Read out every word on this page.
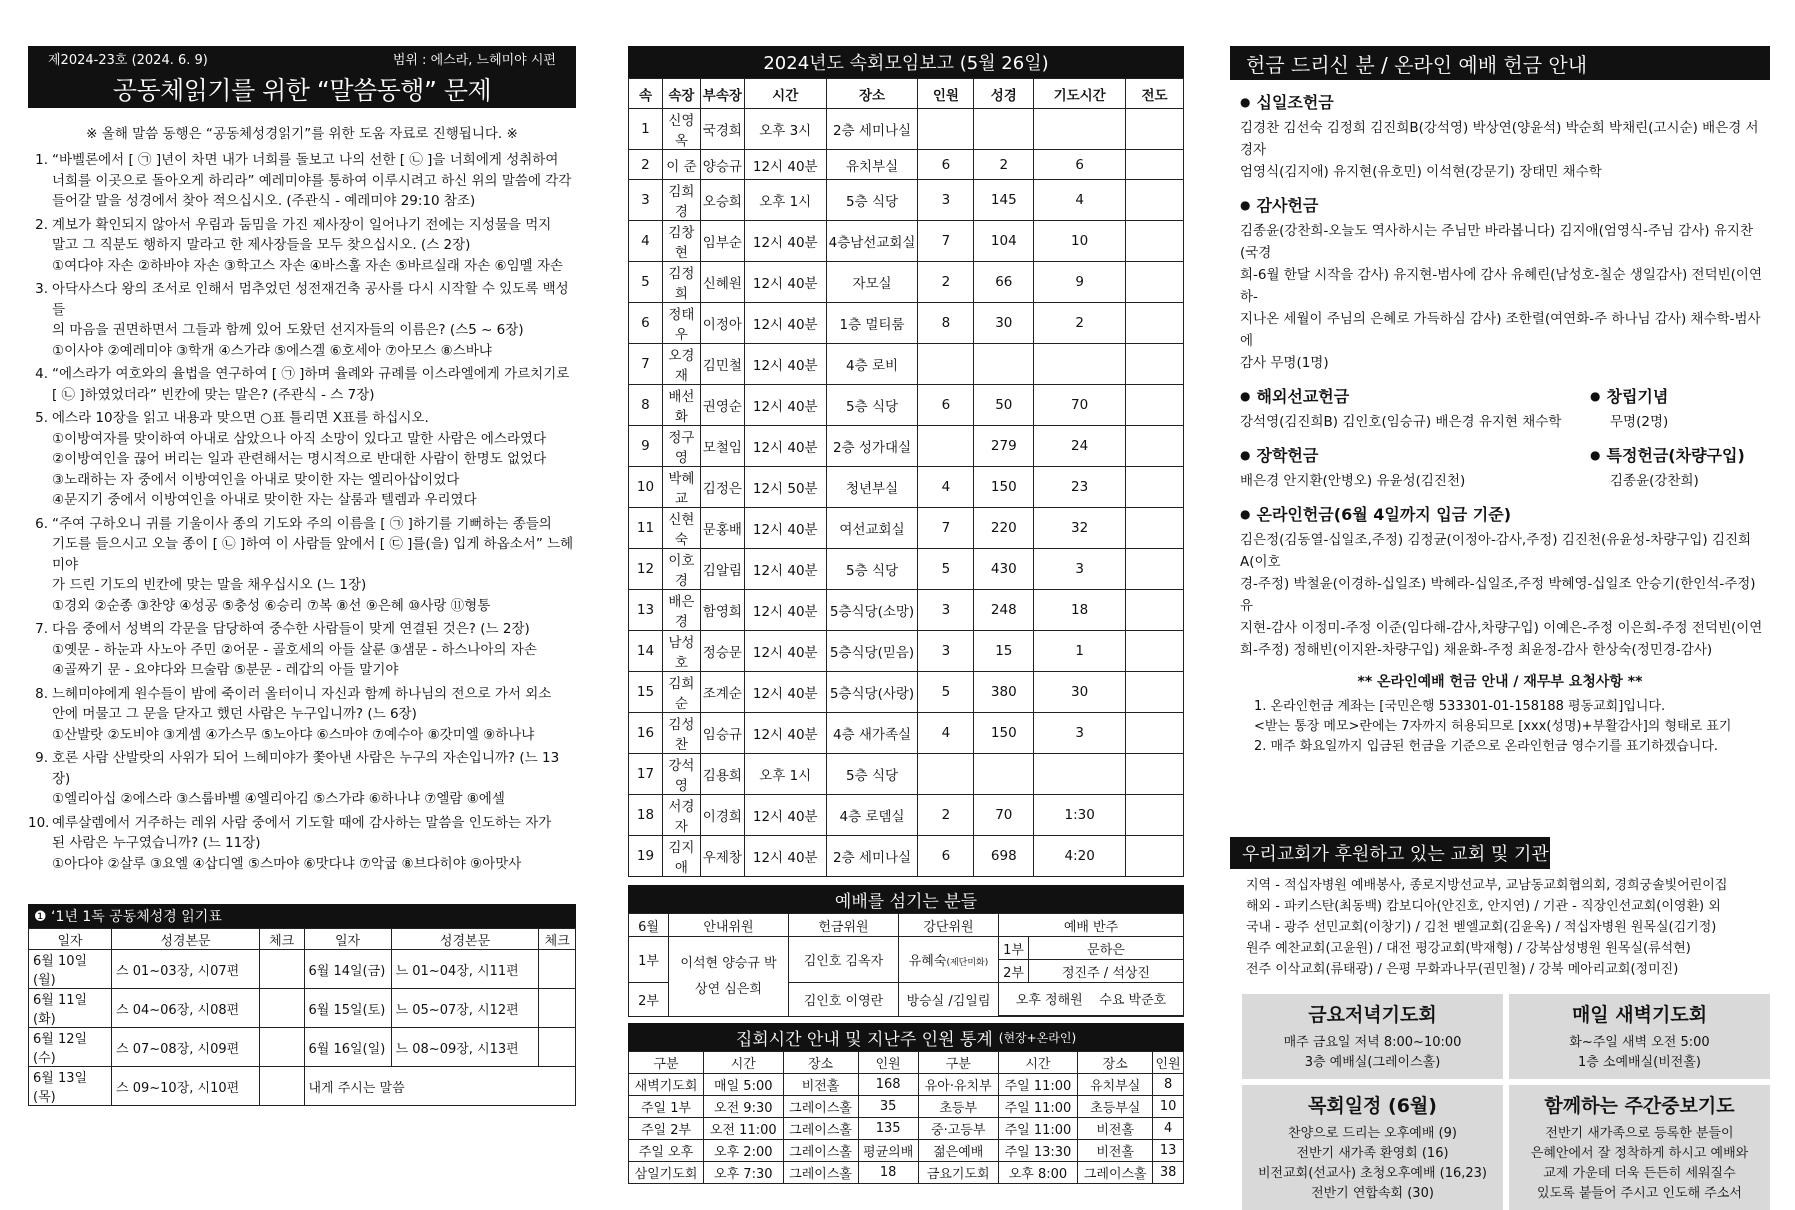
제2024-23호 (2024. 6. 9)	범위 : 에스라, 느헤미야 시편
공동체읽기를 위한 “말씀동행” 문제
※ 올해 말씀 동행은 “공동체성경읽기”를 위한 도움 자료로 진행됩니다. ※
1. “바벨론에서 [ ㉠ ]년이 차면 내가 너희를 돌보고 나의 선한 [ ㉡ ]을 너희에게 성취하여
너희를 이곳으로 돌아오게 하리라” 예레미야를 통하여 이루시려고 하신 위의 말씀에 각각
들어갈 말을 성경에서 찾아 적으십시오. (주관식 - 예레미야 29:10 참조)
2. 계보가 확인되지 않아서 우림과 둠밈을 가진 제사장이 일어나기 전에는 지성물을 먹지
말고 그 직분도 행하지 말라고 한 제사장들을 모두 찾으십시오. (스 2장)
①여다야 자손 ②하바야 자손 ③학고스 자손 ④바스훌 자손 ⑤바르실래 자손 ⑥임멜 자손
3. 아닥사스다 왕의 조서로 인해서 멈추었던 성전재건축 공사를 다시 시작할 수 있도록 백성들
의 마음을 권면하면서 그들과 함께 있어 도왔던 선지자들의 이름은? (스5 ~ 6장)
①이사야 ②예레미야 ③학개 ④스가랴 ⑤에스겔 ⑥호세아 ⑦아모스 ⑧스바냐
4. “에스라가 여호와의 율법을 연구하여 [ ㉠ ]하며 율례와 규례를 이스라엘에게 가르치기로
[ ㉡ ]하였었더라” 빈칸에 맞는 말은? (주관식 - 스 7장)
5. 에스라 10장을 읽고 내용과 맞으면 ○표 틀리면 X표를 하십시오.
①이방여자를 맞이하여 아내로 삼았으나 아직 소망이 있다고 말한 사람은 에스라였다
②이방여인을 끊어 버리는 일과 관련해서는 명시적으로 반대한 사람이 한명도 없었다
③노래하는 자 중에서 이방여인을 아내로 맞이한 자는 엘리아삽이었다
④문지기 중에서 이방여인을 아내로 맞이한 자는 살룸과 텔렘과 우리였다
6. “주여 구하오니 귀를 기울이사 종의 기도와 주의 이름을 [ ㉠ ]하기를 기뻐하는 종들의
기도를 들으시고 오늘 종이 [ ㉡ ]하여 이 사람들 앞에서 [ ㉢ ]를(을) 입게 하옵소서” 느헤미야
가 드린 기도의 빈칸에 맞는 말을 채우십시오 (느 1장)
①경외 ②순종 ③찬양 ④성공 ⑤충성 ⑥승리 ⑦복 ⑧선 ⑨은혜 ⑩사랑 ⑪형통
7. 다음 중에서 성벽의 각문을 담당하여 중수한 사람들이 맞게 연결된 것은? (느 2장)
①옛문 - 하눈과 사노아 주민 ②어문 - 골호세의 아들 살룬 ③샘문 - 하스나아의 자손
④골짜기 문 - 요야다와 므술람 ⑤분문 - 레갑의 아들 말기야
8. 느헤미야에게 원수들이 밤에 죽이러 올터이니 자신과 함께 하나님의 전으로 가서 외소
안에 머물고 그 문을 닫자고 했던 사람은 누구입니까? (느 6장)
①산발랏 ②도비야 ③게셈 ④가스무 ⑤노아댜 ⑥스마야 ⑦예수아 ⑧갓미엘 ⑨하나냐
9. 호론 사람 산발랏의 사위가 되어 느헤미야가 쫓아낸 사람은 누구의 자손입니까? (느 13장)
①엘리아십 ②에스라 ③스룹바벨 ④엘리아김 ⑤스가랴 ⑥하나냐 ⑦엘람 ⑧에셀
10. 예루살렘에서 거주하는 레위 사람 중에서 기도할 때에 감사하는 말씀을 인도하는 자가
된 사람은 누구였습니까? (느 11장)
①아다야 ②살루 ③요엘 ④삽디엘 ⑤스마야 ⑥맛다냐 ⑦악굽 ⑧브다히야 ⑨아맛사
❶ ‘1년 1독 공동체성경 읽기표
일자	성경본문	체크	일자	성경본문	체크
6월 10일(월)	스 01~03장, 시07편		6월 14일(금)	느 01~04장, 시11편	
6월 11일(화)	스 04~06장, 시08편		6월 15일(토)	느 05~07장, 시12편	
6월 12일(수)	스 07~08장, 시09편		6월 16일(일)	느 08~09장, 시13편	
6월 13일(목)	스 09~10장, 시10편		내게 주시는 말씀		
2024년도 속회모임보고 (5월 26일)
속	속장	부속장	시간	장소	인원	성경	기도시간	전도
1	신영옥	국경희	오후 3시	2층 세미나실				
2	이 준	양승규	12시 40분	유치부실	6	2	6	
3	김희경	오승희	오후 1시	5층 식당	3	145	4	
4	김창현	임부순	12시 40분	4층남선교회실	7	104	10	
5	김정희	신혜원	12시 40분	자모실	2	66	9	
6	정태우	이정아	12시 40분	1층 멀티룸	8	30	2	
7	오경재	김민철	12시 40분	4층 로비				
8	배선화	권영순	12시 40분	5층 식당	6	50	70	
9	정구영	모철임	12시 40분	2층 성가대실		279	24	
10	박혜교	김정은	12시 50분	청년부실	4	150	23	
11	신현숙	문홍배	12시 40분	여선교회실	7	220	32	
12	이호경	김알림	12시 40분	5층 식당	5	430	3	
13	배은경	함영희	12시 40분	5층식당(소망)	3	248	18	
14	남성호	정승문	12시 40분	5층식당(믿음)	3	15	1	
15	김희순	조계순	12시 40분	5층식당(사랑)	5	380	30	
16	김성찬	임승규	12시 40분	4층 새가족실	4	150	3	
17	강석영	김용희	오후 1시	5층 식당				
18	서경자	이경희	12시 40분	4층 로뎀실	2	70	1:30	
19	김지애	우제창	12시 40분	2층 세미나실	6	698	4:20	
예배를 섬기는 분들
6월	안내위원	헌금위원	강단위원	예배 반주	
1부	이석현 양승규 박상연 심은희	김인호 김옥자	유혜숙(제단미화)	1부	문하은
				2부	정진주 / 석상진
2부		김인호 이영란	방승실 /김일림	오후 정해원 수요 박준호	

집회시간 안내 및 지난주 인원 통계 (현장+온라인)
구분	시간	장소	인원	구분	시간	장소	인원
새벽기도회	매일 5:00	비전홀	168	유아·유치부	주일 11:00	유치부실	8
주일 1부	오전 9:30	그레이스홀	35	초등부	주일 11:00	초등부실	10
주일 2부	오전 11:00	그레이스홀	135	중·고등부	주일 11:00	비전홀	4
주일 오후	오후 2:00	그레이스홀	평균의배	젊은예배	주일 13:30	비전홀	13
삼일기도회	오후 7:30	그레이스홀	18	금요기도회	오후 8:00	그레이스홀	38
헌금 드리신 분 / 온라인 예배 헌금 안내
● 십일조헌금
김경찬 김선숙 김정희 김진희B(강석영) 박상연(양윤석) 박순희 박채린(고시순) 배은경 서경자
엄영식(김지애) 유지현(유호민) 이석현(강문기) 장태민 채수학
● 감사헌금
김종윤(강찬희-오늘도 역사하시는 주님만 바라봅니다) 김지애(엄영식-주님 감사) 유지찬(국경
희-6월 한달 시작을 감사) 유지현-범사에 감사 유혜린(남성호-칠순 생일감사) 전덕빈(이연하-
지나온 세월이 주님의 은혜로 가득하심 감사) 조한렬(여연화-주 하나님 감사) 채수학-범사에
감사 무명(1명)
● 해외선교헌금
강석영(김진희B) 김인호(임승규) 배은경 유지현 채수학
● 창립기념
무명(2명)
● 장학헌금
배은경 안지환(안병오) 유윤성(김진천)
● 특정헌금(차량구입)
김종윤(강찬희)
● 온라인헌금(6월 4일까지 입금 기준)
김은정(김동열-십일조,주정) 김정균(이정아-감사,주정) 김진천(유윤성-차량구입) 김진희A(이호
경-주정) 박철윤(이경하-십일조) 박혜라-십일조,주정 박혜영-십일조 안승기(한인석-주정) 유
지현-감사 이정미-주정 이준(임다해-감사,차량구입) 이예은-주정 이은희-주정 전덕빈(이연
희-주정) 정해빈(이지완-차량구입) 채윤화-주정 최윤정-감사 한상숙(정민경-감사)
** 온라인예배 헌금 안내 / 재무부 요청사항 **
1. 온라인헌금 계좌는 [국민은행 533301-01-158188 평동교회]입니다.
<받는 통장 메모>란에는 7자까지 허용되므로 [xxx(성명)+부활감사]의 형태로 표기
2. 매주 화요일까지 입금된 헌금을 기준으로 온라인헌금 영수기를 표기하겠습니다.
우리교회가 후원하고 있는 교회 및 기관
지역 - 적십자병원 예배봉사, 종로지방선교부, 교남동교회협의회, 경희궁솔빛어린이집
해외 - 파키스탄(최동백) 캄보디아(안진호, 안지연) / 기관 - 직장인선교회(이영환) 외
국내 - 광주 선민교회(이창기) / 김천 벧엘교회(김윤옥) / 적십자병원 원목실(김기정)
원주 예찬교회(고윤원) / 대전 평강교회(박재형) / 강북삼성병원 원목실(류석현)
전주 이삭교회(류태광) / 은평 무화과나무(권민철) / 강북 메아리교회(정미진)
금요저녁기도회
매주 금요일 저녁 8:00~10:00
3층 예배실(그레이스홀)
매일 새벽기도회
화~주일 새벽 오전 5:00
1층 소예배실(비전홀)
목회일정 (6월)
찬양으로 드리는 오후예배 (9)
전반기 새가족 환영회 (16)
비전교회(선교사) 초청오후예배 (16,23)
전반기 연합속회 (30)
함께하는 주간중보기도
전반기 새가족으로 등록한 분들이
은혜안에서 잘 정착하게 하시고 예배와
교제 가운데 더욱 든든히 세워질수
있도록 붙들어 주시고 인도해 주소서
